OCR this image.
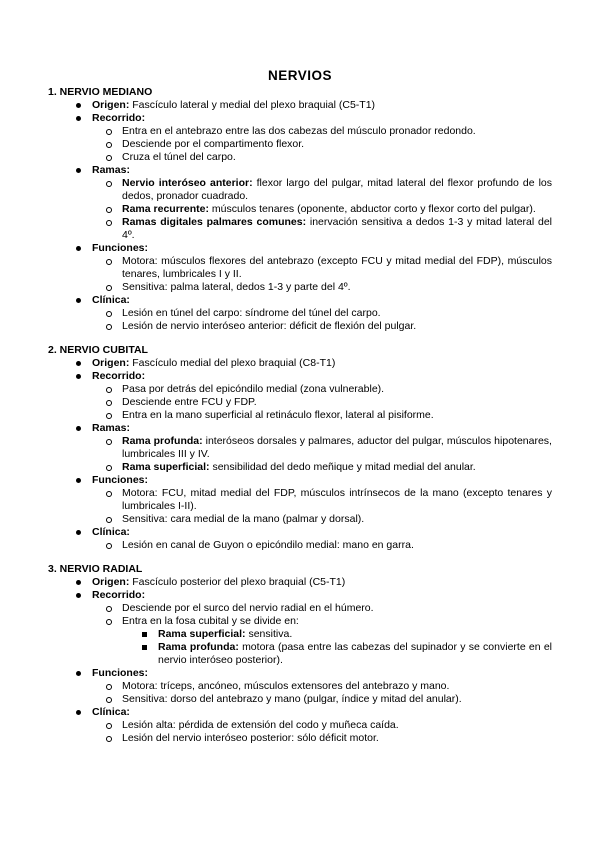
NERVIOS
1. NERVIO MEDIANO
Origen: Fascículo lateral y medial del plexo braquial (C5-T1)
Recorrido:
Entra en el antebrazo entre las dos cabezas del músculo pronador redondo.
Desciende por el compartimento flexor.
Cruza el túnel del carpo.
Ramas:
Nervio interóseo anterior: flexor largo del pulgar, mitad lateral del flexor profundo de los dedos, pronador cuadrado.
Rama recurrente: músculos tenares (oponente, abductor corto y flexor corto del pulgar).
Ramas digitales palmares comunes: inervación sensitiva a dedos 1-3 y mitad lateral del 4º.
Funciones:
Motora: músculos flexores del antebrazo (excepto FCU y mitad medial del FDP), músculos tenares, lumbricales I y II.
Sensitiva: palma lateral, dedos 1-3 y parte del 4º.
Clínica:
Lesión en túnel del carpo: síndrome del túnel del carpo.
Lesión de nervio interóseo anterior: déficit de flexión del pulgar.
2. NERVIO CUBITAL
Origen: Fascículo medial del plexo braquial (C8-T1)
Recorrido:
Pasa por detrás del epicóndilo medial (zona vulnerable).
Desciende entre FCU y FDP.
Entra en la mano superficial al retináculo flexor, lateral al pisiforme.
Ramas:
Rama profunda: interóseos dorsales y palmares, aductor del pulgar, músculos hipotenares, lumbricales III y IV.
Rama superficial: sensibilidad del dedo meñique y mitad medial del anular.
Funciones:
Motora: FCU, mitad medial del FDP, músculos intrínsecos de la mano (excepto tenares y lumbricales I-II).
Sensitiva: cara medial de la mano (palmar y dorsal).
Clínica:
Lesión en canal de Guyon o epicóndilo medial: mano en garra.
3. NERVIO RADIAL
Origen: Fascículo posterior del plexo braquial (C5-T1)
Recorrido:
Desciende por el surco del nervio radial en el húmero.
Entra en la fosa cubital y se divide en:
Rama superficial: sensitiva.
Rama profunda: motora (pasa entre las cabezas del supinador y se convierte en el nervio interóseo posterior).
Funciones:
Motora: tríceps, ancóneo, músculos extensores del antebrazo y mano.
Sensitiva: dorso del antebrazo y mano (pulgar, índice y mitad del anular).
Clínica:
Lesión alta: pérdida de extensión del codo y muñeca caída.
Lesión del nervio interóseo posterior: sólo déficit motor.
